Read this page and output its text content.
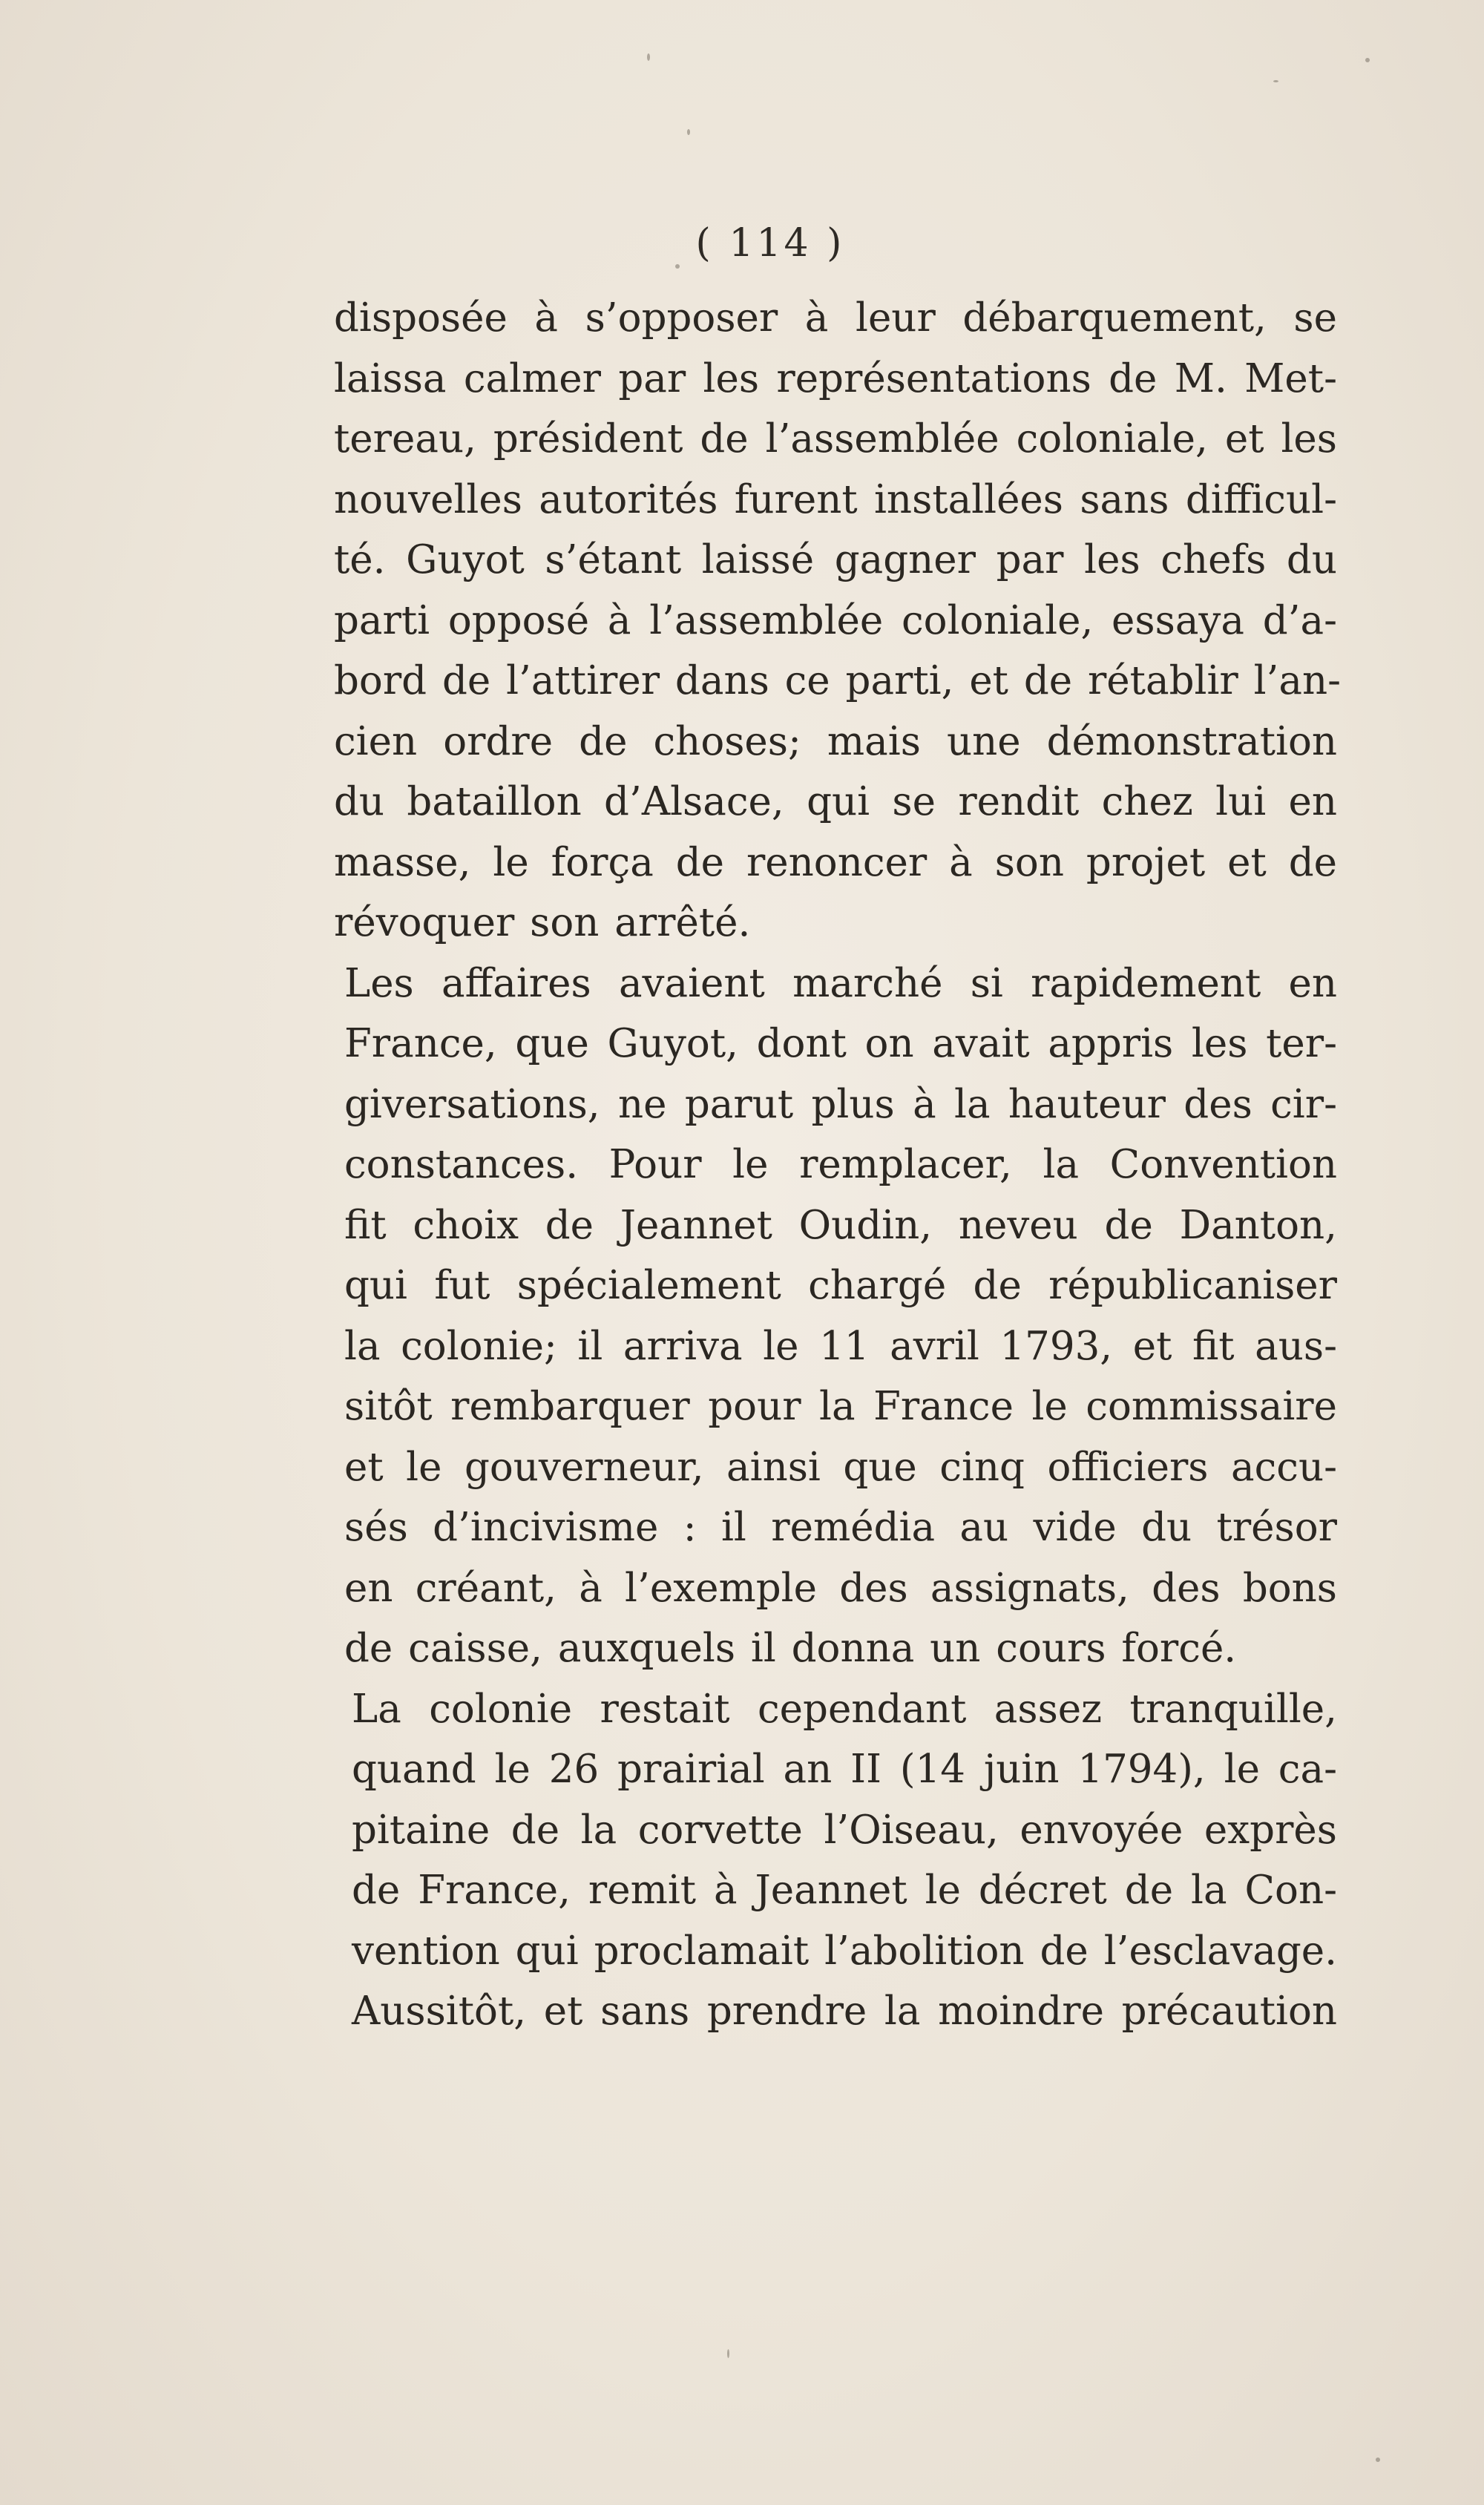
( 114 )
disposée à s’opposer à leur débarquement, se
laissa calmer par les représentations de M. Met-
tereau, président de l’assemblée coloniale, et les
nouvelles autorités furent installées sans difficul-
té. Guyot s’étant laissé gagner par les chefs du
parti opposé à l’assemblée coloniale, essaya d’a-
bord de l’attirer dans ce parti, et de rétablir l’an-
cien ordre de choses; mais une démonstration
du bataillon d’Alsace, qui se rendit chez lui en
masse, le força de renoncer à son projet et de
révoquer son arrêté.
Les affaires avaient marché si rapidement en
France, que Guyot, dont on avait appris les ter-
giversations, ne parut plus à la hauteur des cir-
constances. Pour le remplacer, la Convention
fit choix de Jeannet Oudin, neveu de Danton,
qui fut spécialement chargé de républicaniser
la colonie; il arriva le 11 avril 1793, et fit aus-
sitôt rembarquer pour la France le commissaire
et le gouverneur, ainsi que cinq officiers accu-
sés d’incivisme : il remédia au vide du trésor
en créant, à l’exemple des assignats, des bons
de caisse, auxquels il donna un cours forcé.
La colonie restait cependant assez tranquille,
quand le 26 prairial an II (14 juin 1794), le ca-
pitaine de la corvette l’Oiseau, envoyée exprès
de France, remit à Jeannet le décret de la Con-
vention qui proclamait l’abolition de l’esclavage.
Aussitôt, et sans prendre la moindre précaution
